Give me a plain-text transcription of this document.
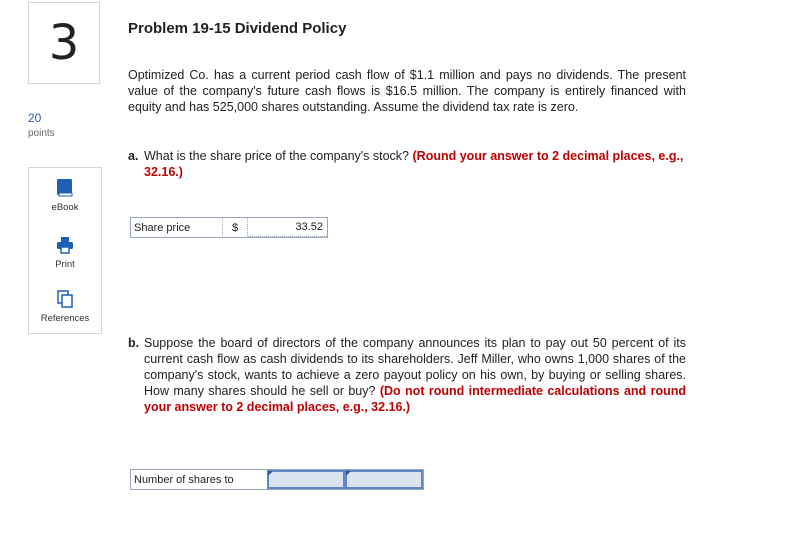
3
20
points
eBook
Print
References
Problem 19-15 Dividend Policy

Optimized Co. has a current period cash flow of $1.1 million and pays no dividends. The present value of the company's future cash flows is $16.5 million. The company is entirely financed with equity and has 525,000 shares outstanding. Assume the dividend tax rate is zero.

a. What is the share price of the company's stock? (Round your answer to 2 decimal places, e.g., 32.16.)
Share price	$	33.52
b. Suppose the board of directors of the company announces its plan to pay out 50 percent of its current cash flow as cash dividends to its shareholders. Jeff Miller, who owns 1,000 shares of the company's stock, wants to achieve a zero payout policy on his own, by buying or selling shares. How many shares should he sell or buy? (Do not round intermediate calculations and round your answer to 2 decimal places, e.g., 32.16.)
Number of shares to
